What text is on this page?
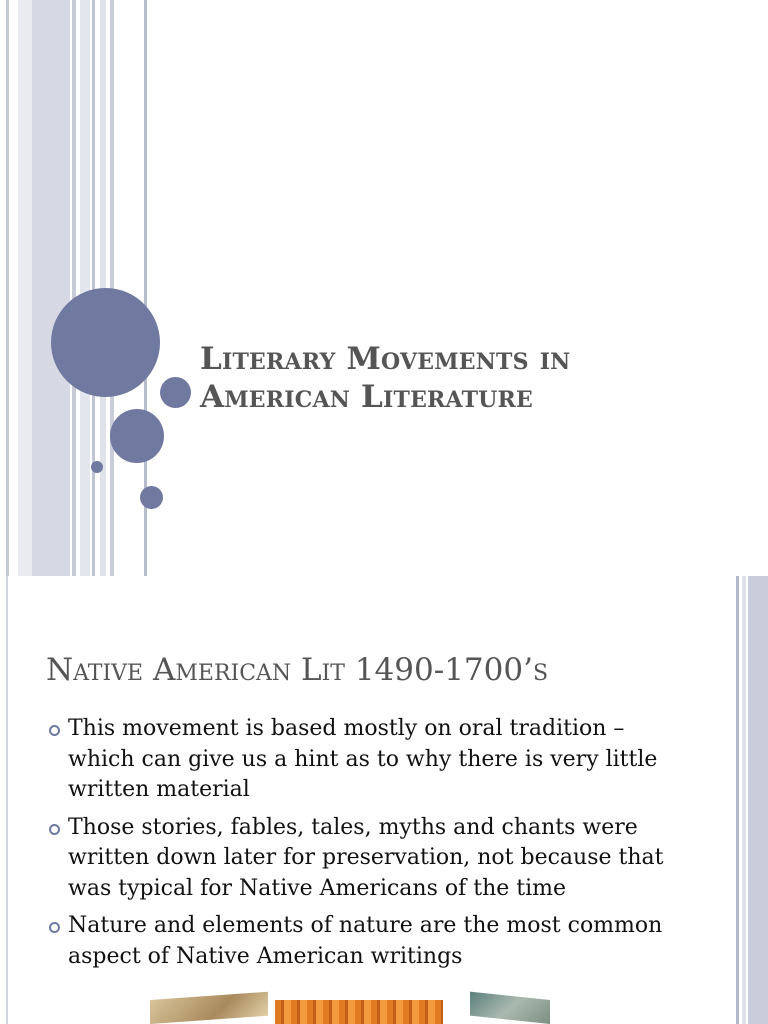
Literary Movements in
American Literature
Native American Lit 1490-1700’s
This movement is based mostly on oral tradition – which can give us a hint as to why there is very little written material
Those stories, fables, tales, myths and chants were written down later for preservation, not because that was typical for Native Americans of the time
Nature and elements of nature are the most common aspect of Native American writings
